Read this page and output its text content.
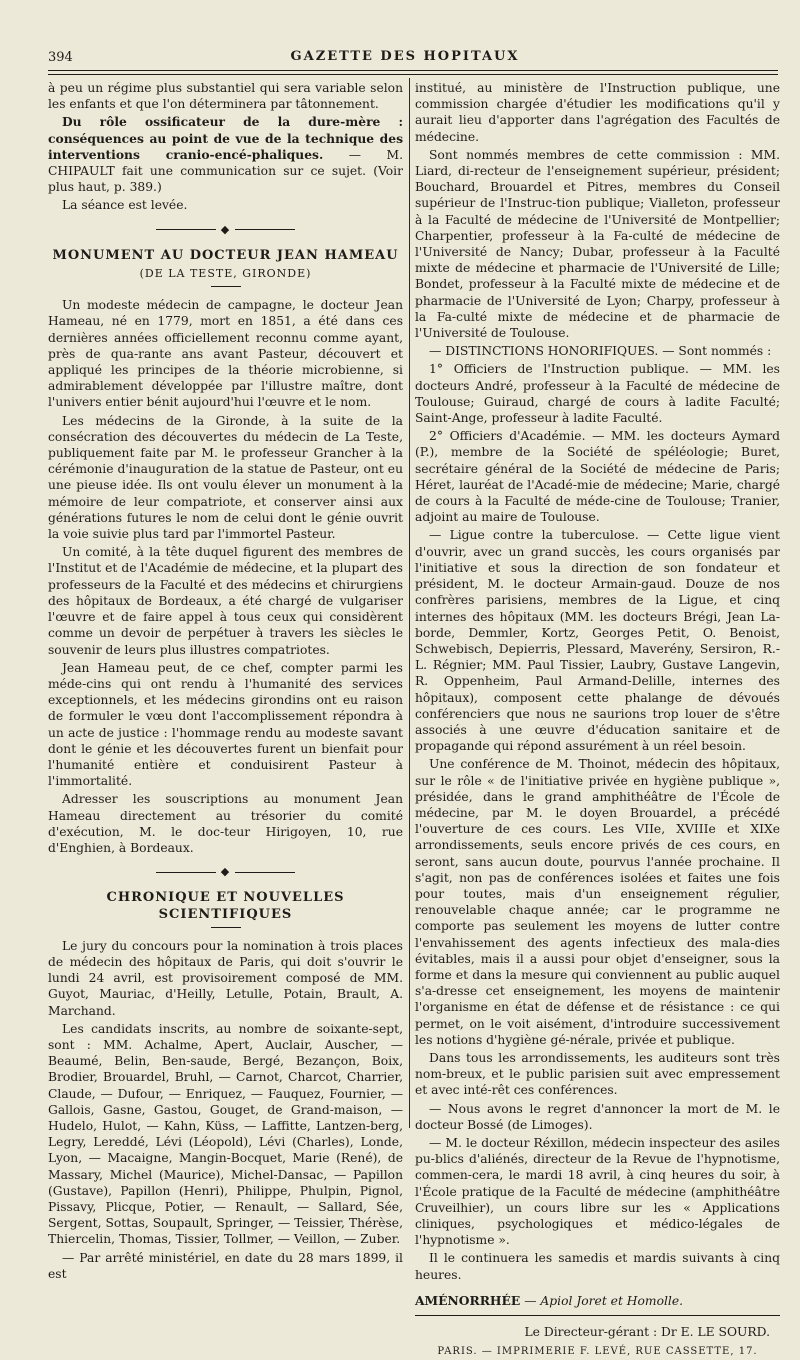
394	GAZETTE DES HOPITAUX

à peu un régime plus substantiel qui sera variable selon les enfants et que l'on déterminera par tâtonnement.

Du rôle ossificateur de la dure-mère : conséquences au point de vue de la technique des interventions cranio-encé-phaliques. — M. CHIPAULT fait une communication sur ce sujet. (Voir plus haut, p. 389.)

La séance est levée.

◆
MONUMENT AU DOCTEUR JEAN HAMEAU
(DE LA TESTE, GIRONDE)

Un modeste médecin de campagne, le docteur Jean Hameau, né en 1779, mort en 1851, a été dans ces dernières années officiellement reconnu comme ayant, près de qua-rante ans avant Pasteur, découvert et appliqué les principes de la théorie microbienne, si admirablement développée par l'illustre maître, dont l'univers entier bénit aujourd'hui l'œuvre et le nom.

Les médecins de la Gironde, à la suite de la consécration des découvertes du médecin de La Teste, publiquement faite par M. le professeur Grancher à la cérémonie d'inauguration de la statue de Pasteur, ont eu une pieuse idée. Ils ont voulu élever un monument à la mémoire de leur compatriote, et conserver ainsi aux générations futures le nom de celui dont le génie ouvrit la voie suivie plus tard par l'immortel Pasteur.

Un comité, à la tête duquel figurent des membres de l'Institut et de l'Académie de médecine, et la plupart des professeurs de la Faculté et des médecins et chirurgiens des hôpitaux de Bordeaux, a été chargé de vulgariser l'œuvre et de faire appel à tous ceux qui considèrent comme un devoir de perpétuer à travers les siècles le souvenir de leurs plus illustres compatriotes.

Jean Hameau peut, de ce chef, compter parmi les méde-cins qui ont rendu à l'humanité des services exceptionnels, et les médecins girondins ont eu raison de formuler le vœu dont l'accomplissement répondra à un acte de justice : l'hommage rendu au modeste savant dont le génie et les découvertes furent un bienfait pour l'humanité entière et conduisirent Pasteur à l'immortalité.

Adresser les souscriptions au monument Jean Hameau directement au trésorier du comité d'exécution, M. le doc-teur Hirigoyen, 10, rue d'Enghien, à Bordeaux.

◆
CHRONIQUE ET NOUVELLES SCIENTIFIQUES

Le jury du concours pour la nomination à trois places de médecin des hôpitaux de Paris, qui doit s'ouvrir le lundi 24 avril, est provisoirement composé de MM. Guyot, Mauriac, d'Heilly, Letulle, Potain, Brault, A. Marchand.

Les candidats inscrits, au nombre de soixante-sept, sont : MM. Achalme, Apert, Auclair, Auscher, — Beaumé, Belin, Ben-saude, Bergé, Bezançon, Boix, Brodier, Brouardel, Bruhl, — Carnot, Charcot, Charrier, Claude, — Dufour, — Enriquez, — Fauquez, Fournier, — Gallois, Gasne, Gastou, Gouget, de Grand-maison, — Hudelo, Hulot, — Kahn, Küss, — Laffitte, Lantzen-berg, Legry, Lereddé, Lévi (Léopold), Lévi (Charles), Londe, Lyon, — Macaigne, Mangin-Bocquet, Marie (René), de Massary, Michel (Maurice), Michel-Dansac, — Papillon (Gustave), Papillon (Henri), Philippe, Phulpin, Pignol, Pissavy, Plicque, Potier, — Renault, — Sallard, Sée, Sergent, Sottas, Soupault, Springer, — Teissier, Thérèse, Thiercelin, Thomas, Tissier, Tollmer, — Veillon, — Zuber.

— Par arrêté ministériel, en date du 28 mars 1899, il est

institué, au ministère de l'Instruction publique, une commission chargée d'étudier les modifications qu'il y aurait lieu d'apporter dans l'agrégation des Facultés de médecine.

Sont nommés membres de cette commission : MM. Liard, di-recteur de l'enseignement supérieur, président; Bouchard, Brouardel et Pitres, membres du Conseil supérieur de l'Instruc-tion publique; Vialleton, professeur à la Faculté de médecine de l'Université de Montpellier; Charpentier, professeur à la Fa-culté de médecine de l'Université de Nancy; Dubar, professeur à la Faculté mixte de médecine et pharmacie de l'Université de Lille; Bondet, professeur à la Faculté mixte de médecine et de pharmacie de l'Université de Lyon; Charpy, professeur à la Fa-culté mixte de médecine et de pharmacie de l'Université de Toulouse.

— DISTINCTIONS HONORIFIQUES. — Sont nommés :

1° Officiers de l'Instruction publique. — MM. les docteurs André, professeur à la Faculté de médecine de Toulouse; Guiraud, chargé de cours à ladite Faculté; Saint-Ange, professeur à ladite Faculté.

2° Officiers d'Académie. — MM. les docteurs Aymard (P.), membre de la Société de spéléologie; Buret, secrétaire général de la Société de médecine de Paris; Héret, lauréat de l'Acadé-mie de médecine; Marie, chargé de cours à la Faculté de méde-cine de Toulouse; Tranier, adjoint au maire de Toulouse.

— Ligue contre la tuberculose. — Cette ligue vient d'ouvrir, avec un grand succès, les cours organisés par l'initiative et sous la direction de son fondateur et président, M. le docteur Armain-gaud. Douze de nos confrères parisiens, membres de la Ligue, et cinq internes des hôpitaux (MM. les docteurs Brégi, Jean La-borde, Demmler, Kortz, Georges Petit, O. Benoist, Schwebisch, Depierris, Plessard, Maverény, Sersiron, R.-L. Régnier; MM. Paul Tissier, Laubry, Gustave Langevin, R. Oppenheim, Paul Armand-Delille, internes des hôpitaux), composent cette phalange de dévoués conférenciers que nous ne saurions trop louer de s'être associés à une œuvre d'éducation sanitaire et de propagande qui répond assurément à un réel besoin.

Une conférence de M. Thoinot, médecin des hôpitaux, sur le rôle « de l'initiative privée en hygiène publique », présidée, dans le grand amphithéâtre de l'École de médecine, par M. le doyen Brouardel, a précédé l'ouverture de ces cours. Les VIIe, XVIIIe et XIXe arrondissements, seuls encore privés de ces cours, en seront, sans aucun doute, pourvus l'année prochaine. Il s'agit, non pas de conférences isolées et faites une fois pour toutes, mais d'un enseignement régulier, renouvelable chaque année; car le programme ne comporte pas seulement les moyens de lutter contre l'envahissement des agents infectieux des mala-dies évitables, mais il a aussi pour objet d'enseigner, sous la forme et dans la mesure qui conviennent au public auquel s'a-dresse cet enseignement, les moyens de maintenir l'organisme en état de défense et de résistance : ce qui permet, on le voit aisément, d'introduire successivement les notions d'hygiène gé-nérale, privée et publique.

Dans tous les arrondissements, les auditeurs sont très nom-breux, et le public parisien suit avec empressement et avec inté-rêt ces conférences.

— Nous avons le regret d'annoncer la mort de M. le docteur Bossé (de Limoges).

— M. le docteur Réxillon, médecin inspecteur des asiles pu-blics d'aliénés, directeur de la Revue de l'hypnotisme, commen-cera, le mardi 18 avril, à cinq heures du soir, à l'École pratique de la Faculté de médecine (amphithéâtre Cruveilhier), un cours libre sur les « Applications cliniques, psychologiques et médico-légales de l'hypnotisme ».

Il le continuera les samedis et mardis suivants à cinq heures.

AMÉNORRHÉE — Apiol Joret et Homolle.
Le Directeur-gérant : Dr E. LE SOURD.
PARIS. — IMPRIMERIE F. LEVÉ, RUE CASSETTE, 17.
